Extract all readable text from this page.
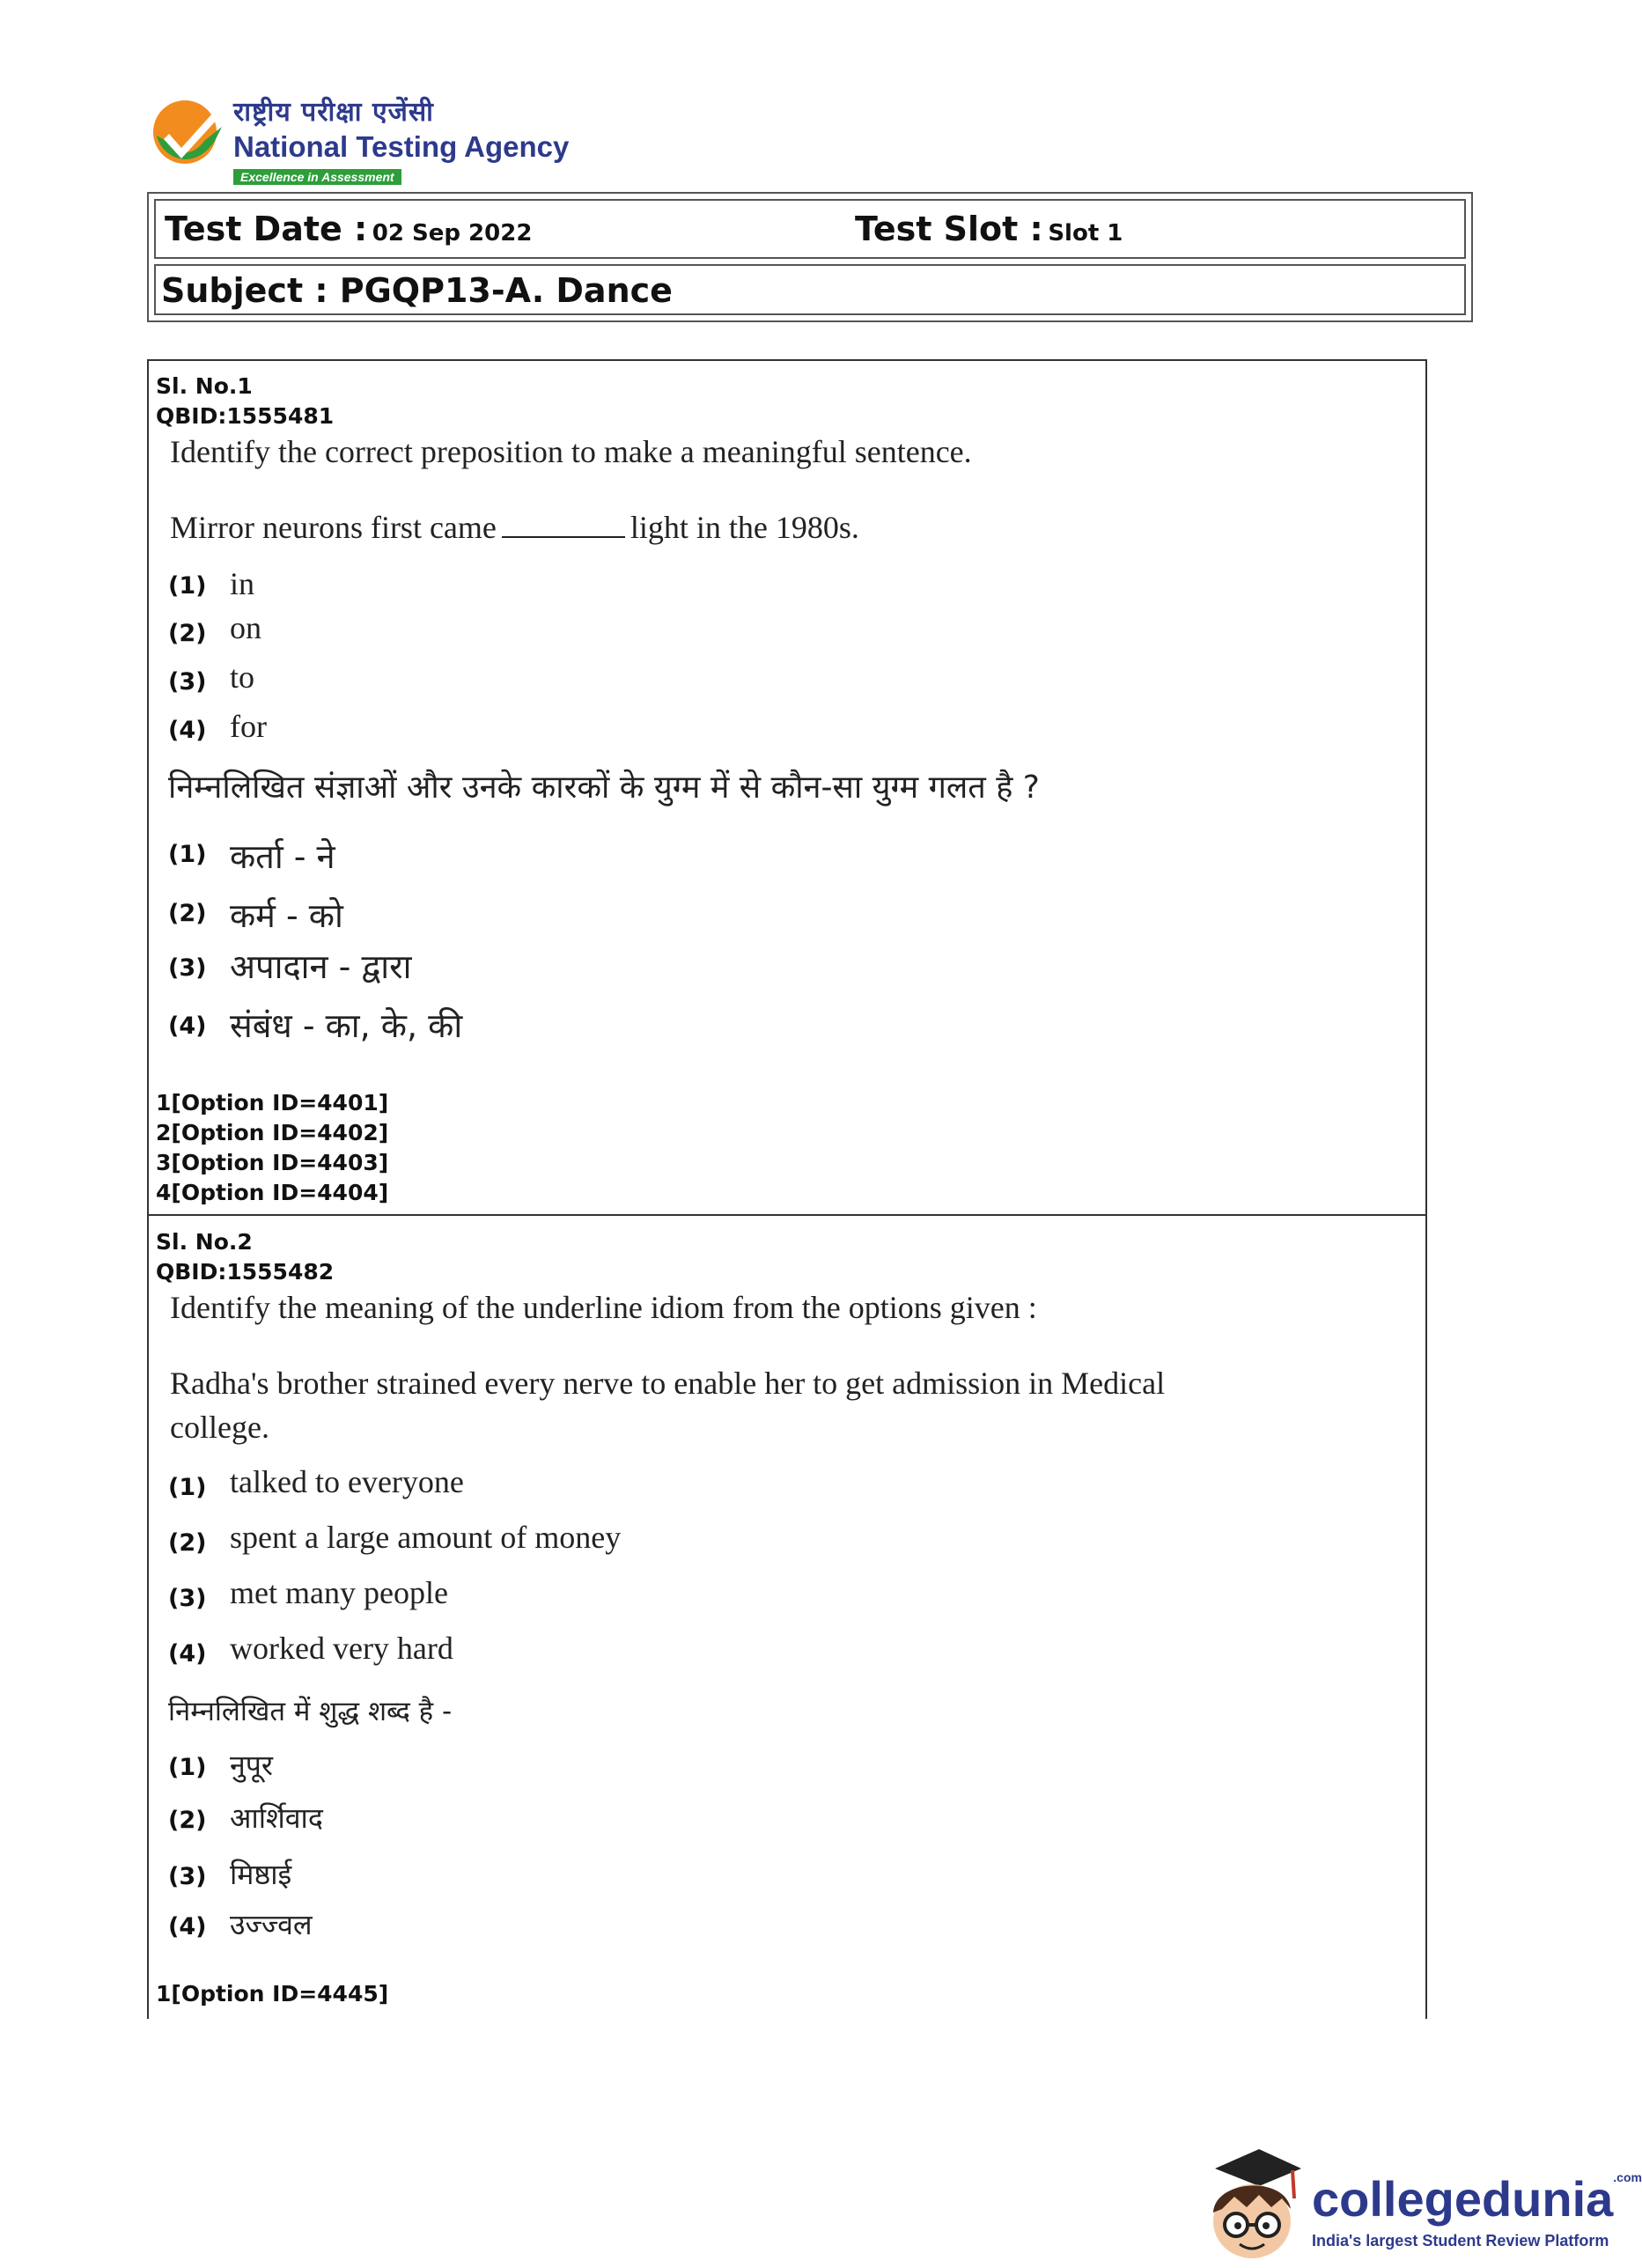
राष्ट्रीय परीक्षा एजेंसी
National Testing Agency
Excellence in Assessment
Test Date : 02 Sep 2022	Test Slot : Slot 1
Subject : PGQP13-A. Dance
Sl. No.1
QBID:1555481
Identify the correct preposition to make a meaningful sentence.
Mirror neurons first came	light in the 1980s.
(1) in
(2) on
(3) to
(4) for
निम्नलिखित संज्ञाओं और उनके कारकों के युग्म में से कौन-सा युग्म गलत है ?
(1) कर्ता - ने
(2) कर्म - को
(3) अपादान - द्वारा
(4) संबंध - का, के, की
1[Option ID=4401]
2[Option ID=4402]
3[Option ID=4403]
4[Option ID=4404]
Sl. No.2
QBID:1555482
Identify the meaning of the underline idiom from the options given :
Radha's brother strained every nerve to enable her to get admission in Medical
college.
(1) talked to everyone
(2) spent a large amount of money
(3) met many people
(4) worked very hard
निम्नलिखित में शुद्ध शब्द है -
(1) नुपूर
(2) आर्शिवाद
(3) मिष्ठाई
(4) उज्ज्वल
1[Option ID=4445]
collegedunia$^{.com}$
India's largest Student Review Platform
